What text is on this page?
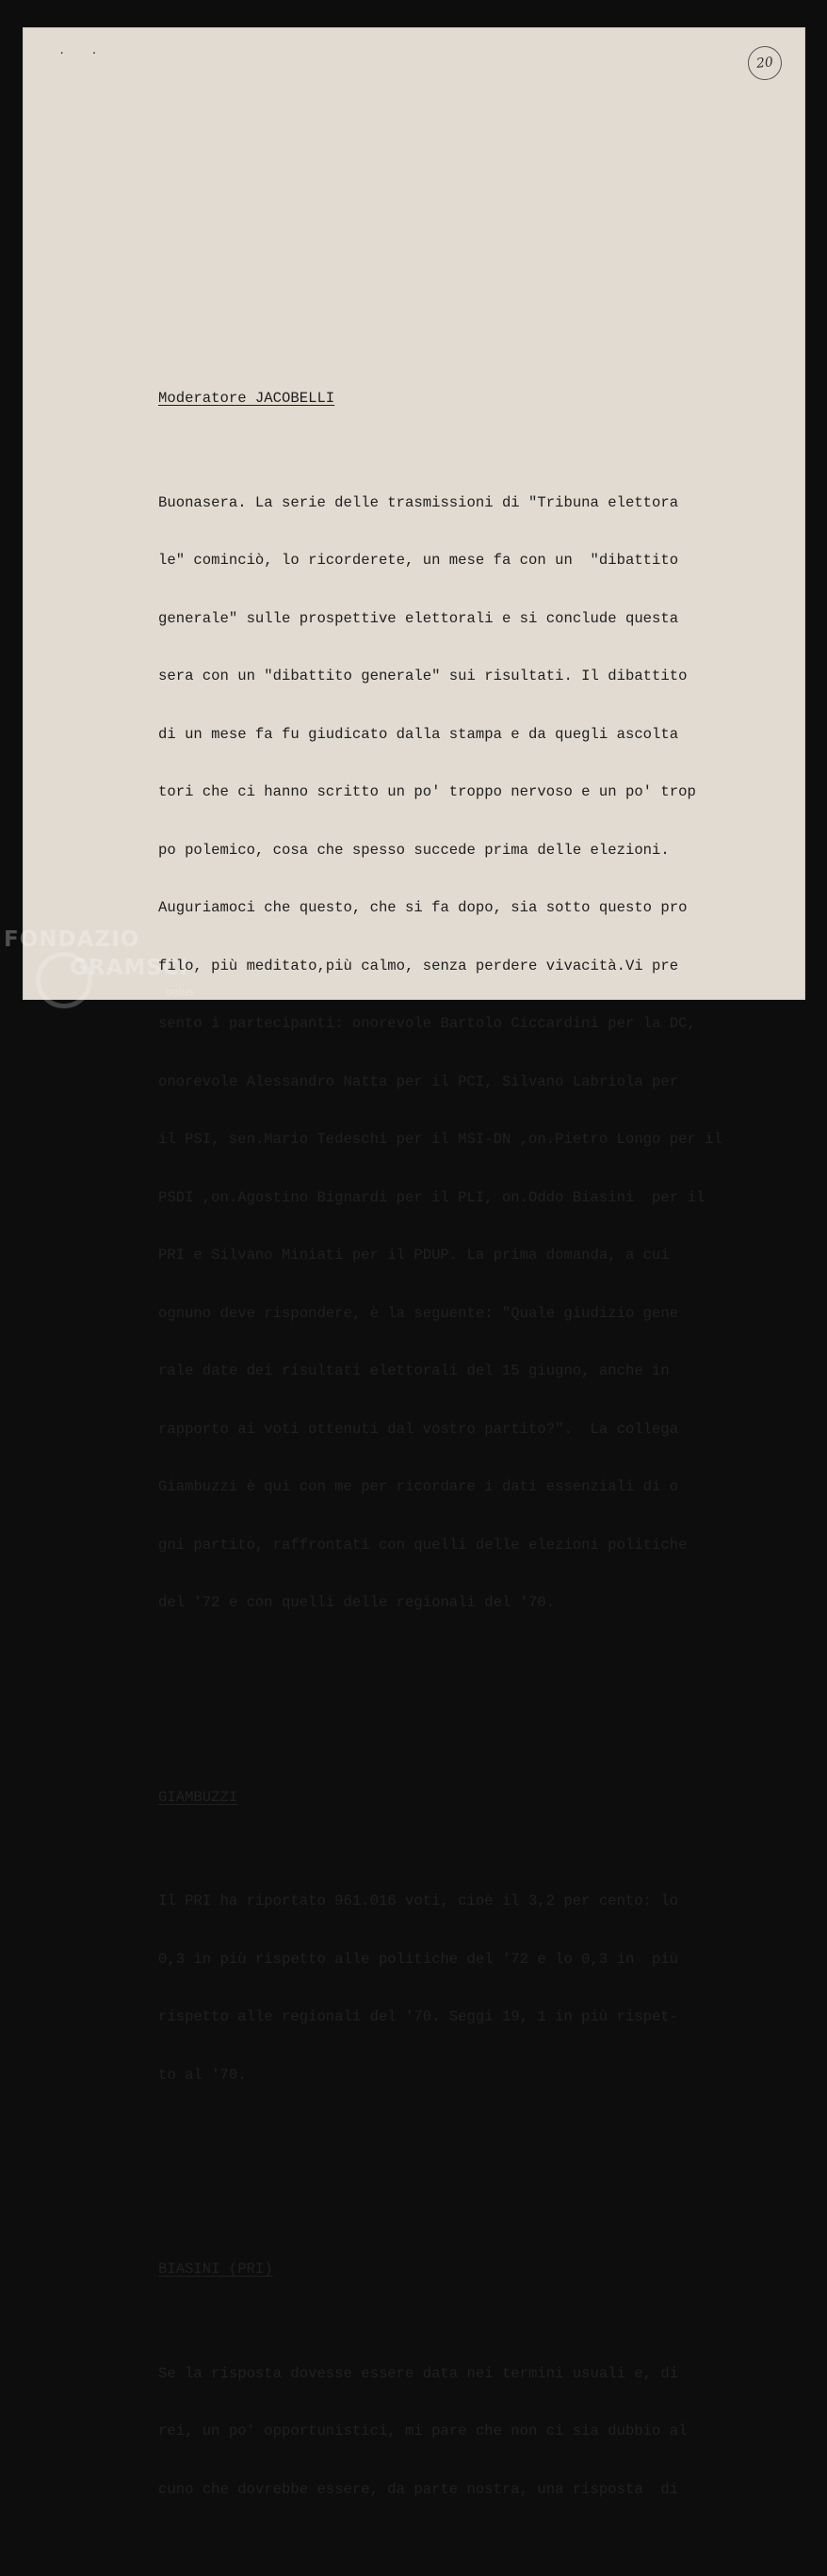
. .
20

Moderatore JACOBELLI

Buonasera. La serie delle trasmissioni di "Tribuna elettora

le" cominciò, lo ricorderete, un mese fa con un  "dibattito

generale" sulle prospettive elettorali e si conclude questa

sera con un "dibattito generale" sui risultati. Il dibattito

di un mese fa fu giudicato dalla stampa e da quegli ascolta

tori che ci hanno scritto un po' troppo nervoso e un po' trop

po polemico, cosa che spesso succede prima delle elezioni.

Auguriamoci che questo, che si fa dopo, sia sotto questo pro

filo, più meditato,più calmo, senza perdere vivacità.Vi pre

sento i partecipanti: onorevole Bartolo Ciccardini per la DC,

onorevole Alessandro Natta per il PCI, Silvano Labriola per

il PSI, sen.Mario Tedeschi per il MSI-DN ,on.Pietro Longo per il

PSDI ,on.Agostino Bignardi per il PLI, on.Oddo Biasini  per il

PRI e Silvano Miniati per il PDUP. La prima domanda, a cui

ognuno deve rispondere, è la seguente: "Quale giudizio gene

rale date dei risultati elettorali del 15 giugno, anche in

rapporto ai voti ottenuti dal vostro partito?".  La collega

Giambuzzi è qui con me per ricordare i dati essenziali di o

gni partito, raffrontati con quelli delle elezioni politiche

del '72 e con quelli delle regionali del '70.

GIAMBUZZI

Il PRI ha riportato 961.016 voti, cioè il 3,2 per cento: lo

0,3 in più rispetto alle politiche del '72 e lo 0,3 in  più

rispetto alle regionali del '70. Seggi 19, 1 in più rispet-

to al '70.

BIASINI (PRI)

Se la risposta dovesse essere data nei termini usuali e, di

rei, un po' opportunistici, mi pare che non ci sia dubbio al

cuno che dovrebbe essere, da parte nostra, una risposta  di

FONDAZIO
GRAMSCI
onlus
